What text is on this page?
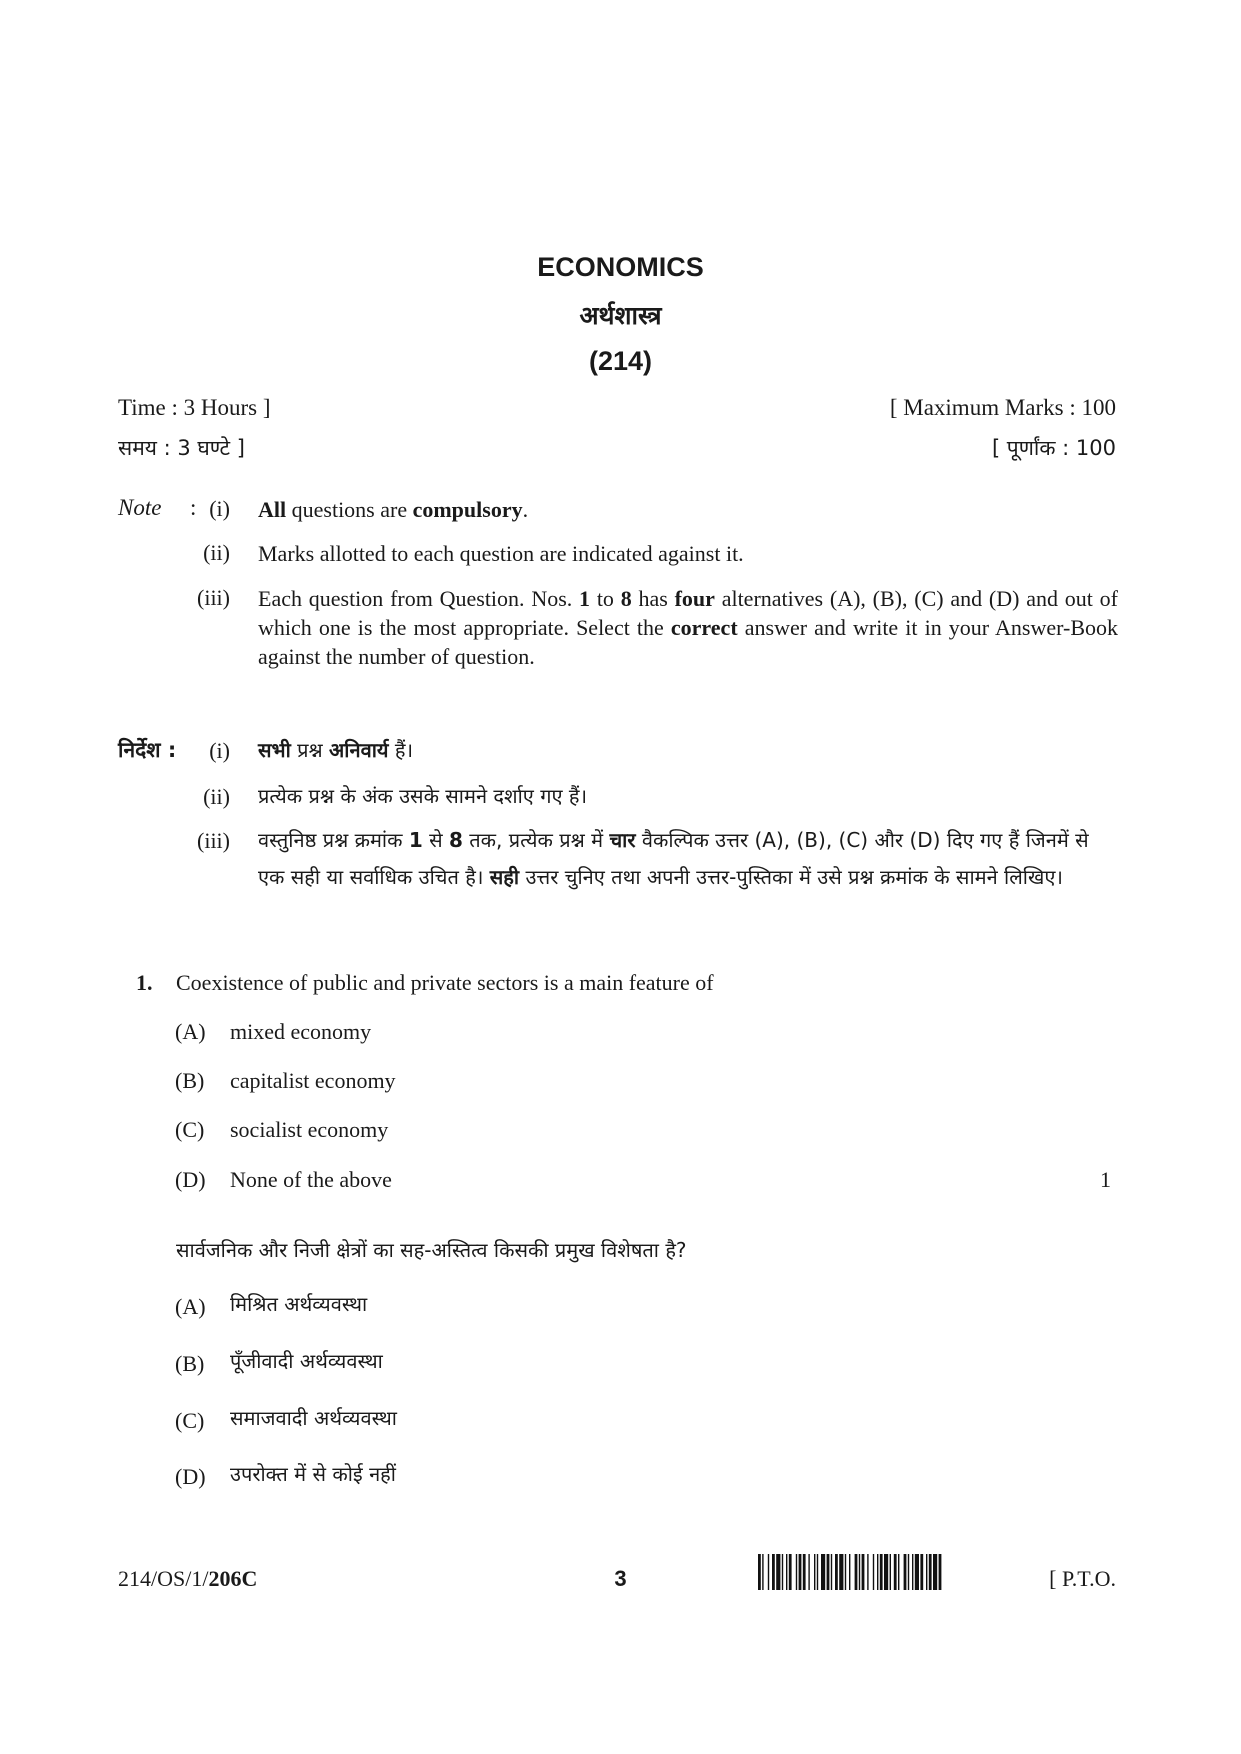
ECONOMICS
अर्थशास्त्र
(214)
Time : 3 Hours ]	[ Maximum Marks : 100
समय : 3 घण्टे ]	[ पूर्णांक : 100
Note : (i) All questions are compulsory.
(ii) Marks allotted to each question are indicated against it.
(iii) Each question from Question. Nos. 1 to 8 has four alternatives (A), (B), (C) and (D) and out of which one is the most appropriate. Select the correct answer and write it in your Answer-Book against the number of question.
निर्देश :	(i) सभी प्रश्न अनिवार्य हैं।
(ii) प्रत्येक प्रश्न के अंक उसके सामने दर्शाए गए हैं।
(iii) वस्तुनिष्ठ प्रश्न क्रमांक 1 से 8 तक, प्रत्येक प्रश्न में चार वैकल्पिक उत्तर (A), (B), (C) और (D) दिए गए हैं जिनमें से एक सही या सर्वाधिक उचित है। सही उत्तर चुनिए तथा अपनी उत्तर-पुस्तिका में उसे प्रश्न क्रमांक के सामने लिखिए।
1. Coexistence of public and private sectors is a main feature of
(A) mixed economy
(B) capitalist economy
(C) socialist economy
(D) None of the above	1
सार्वजनिक और निजी क्षेत्रों का सह-अस्तित्व किसकी प्रमुख विशेषता है?
(A) मिश्रित अर्थव्यवस्था
(B) पूँजीवादी अर्थव्यवस्था
(C) समाजवादी अर्थव्यवस्था
(D) उपरोक्त में से कोई नहीं
214/OS/1/206C	3	[ P.T.O.
